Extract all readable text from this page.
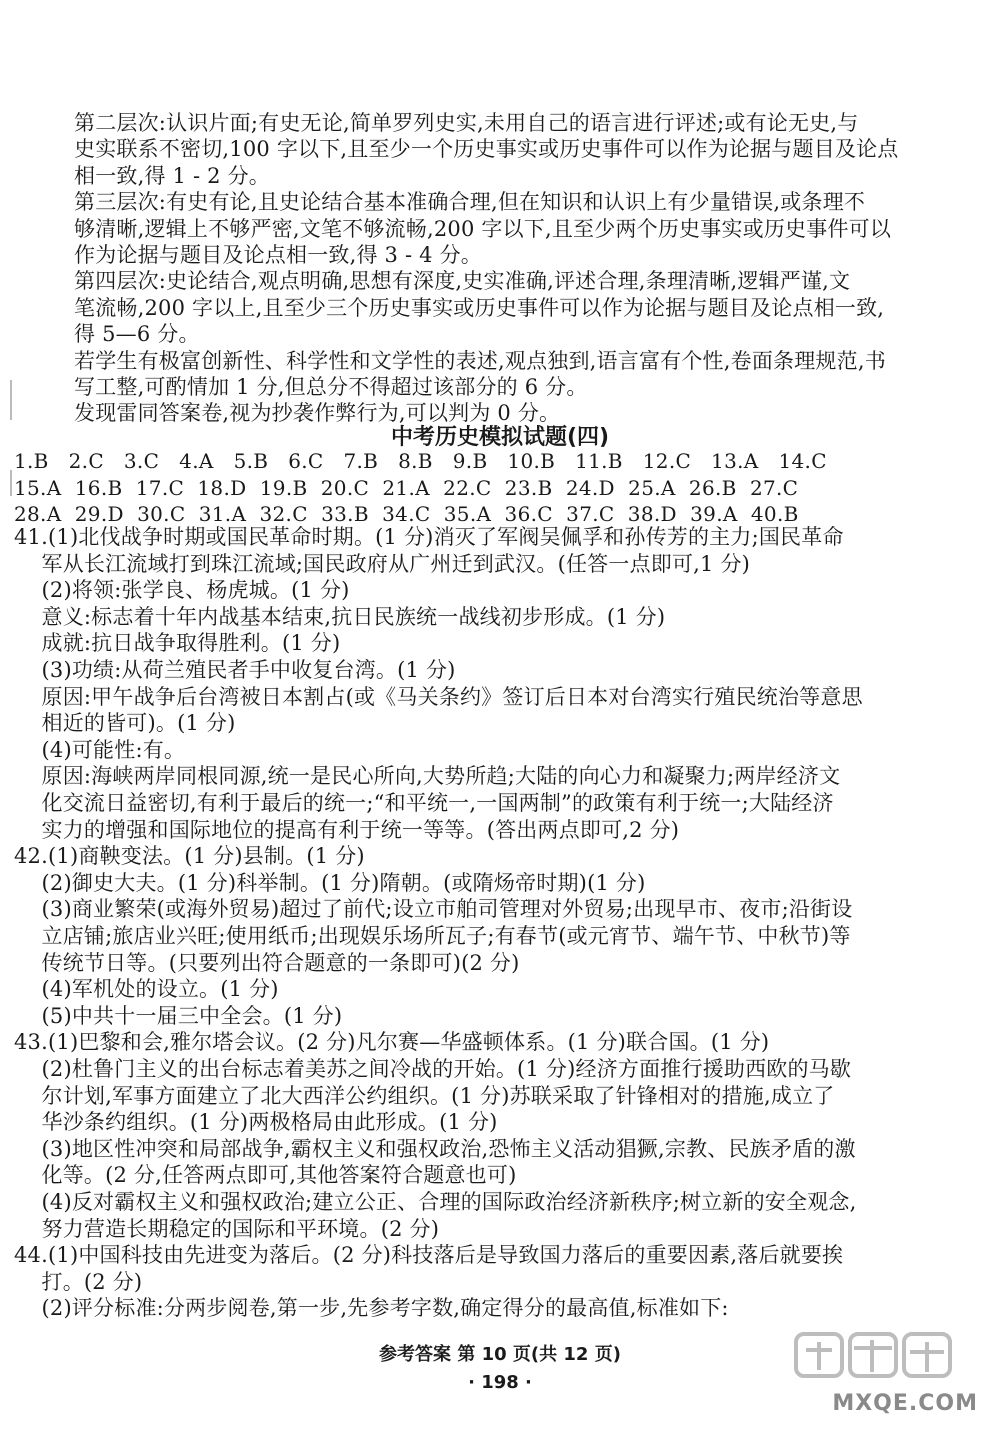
第二层次:认识片面;有史无论,简单罗列史实,未用自己的语言进行评述;或有论无史,与
史实联系不密切,100 字以下,且至少一个历史事实或历史事件可以作为论据与题目及论点
相一致,得 1 - 2 分。
第三层次:有史有论,且史论结合基本准确合理,但在知识和认识上有少量错误,或条理不
够清晰,逻辑上不够严密,文笔不够流畅,200 字以下,且至少两个历史事实或历史事件可以
作为论据与题目及论点相一致,得 3 - 4 分。
第四层次:史论结合,观点明确,思想有深度,史实准确,评述合理,条理清晰,逻辑严谨,文
笔流畅,200 字以上,且至少三个历史事实或历史事件可以作为论据与题目及论点相一致,
得 5—6 分。
若学生有极富创新性、科学性和文学性的表述,观点独到,语言富有个性,卷面条理规范,书
写工整,可酌情加 1 分,但总分不得超过该部分的 6 分。
发现雷同答案卷,视为抄袭作弊行为,可以判为 0 分。
中考历史模拟试题(四)
1.B   2.C   3.C   4.A   5.B   6.C   7.B   8.B   9.B   10.B   11.B   12.C   13.A   14.C
15.A  16.B  17.C  18.D  19.B  20.C  21.A  22.C  23.B  24.D  25.A  26.B  27.C
28.A  29.D  30.C  31.A  32.C  33.B  34.C  35.A  36.C  37.C  38.D  39.A  40.B
41.(1)北伐战争时期或国民革命时期。(1 分)消灭了军阀吴佩孚和孙传芳的主力;国民革命
军从长江流域打到珠江流域;国民政府从广州迁到武汉。(任答一点即可,1 分)
(2)将领:张学良、杨虎城。(1 分)
意义:标志着十年内战基本结束,抗日民族统一战线初步形成。(1 分)
成就:抗日战争取得胜利。(1 分)
(3)功绩:从荷兰殖民者手中收复台湾。(1 分)
原因:甲午战争后台湾被日本割占(或《马关条约》签订后日本对台湾实行殖民统治等意思
相近的皆可)。(1 分)
(4)可能性:有。
原因:海峡两岸同根同源,统一是民心所向,大势所趋;大陆的向心力和凝聚力;两岸经济文
化交流日益密切,有利于最后的统一;“和平统一,一国两制”的政策有利于统一;大陆经济
实力的增强和国际地位的提高有利于统一等等。(答出两点即可,2 分)
42.(1)商鞅变法。(1 分)县制。(1 分)
(2)御史大夫。(1 分)科举制。(1 分)隋朝。(或隋炀帝时期)(1 分)
(3)商业繁荣(或海外贸易)超过了前代;设立市舶司管理对外贸易;出现早市、夜市;沿街设
立店铺;旅店业兴旺;使用纸币;出现娱乐场所瓦子;有春节(或元宵节、端午节、中秋节)等
传统节日等。(只要列出符合题意的一条即可)(2 分)
(4)军机处的设立。(1 分)
(5)中共十一届三中全会。(1 分)
43.(1)巴黎和会,雅尔塔会议。(2 分)凡尔赛—华盛顿体系。(1 分)联合国。(1 分)
(2)杜鲁门主义的出台标志着美苏之间冷战的开始。(1 分)经济方面推行援助西欧的马歇
尔计划,军事方面建立了北大西洋公约组织。(1 分)苏联采取了针锋相对的措施,成立了
华沙条约组织。(1 分)两极格局由此形成。(1 分)
(3)地区性冲突和局部战争,霸权主义和强权政治,恐怖主义活动猖獗,宗教、民族矛盾的激
化等。(2 分,任答两点即可,其他答案符合题意也可)
(4)反对霸权主义和强权政治;建立公正、合理的国际政治经济新秩序;树立新的安全观念,
努力营造长期稳定的国际和平环境。(2 分)
44.(1)中国科技由先进变为落后。(2 分)科技落后是导致国力落后的重要因素,落后就要挨
打。(2 分)
(2)评分标准:分两步阅卷,第一步,先参考字数,确定得分的最高值,标准如下:
参考答案 第 10 页(共 12 页)
· 198 ·
MXQE.COM
